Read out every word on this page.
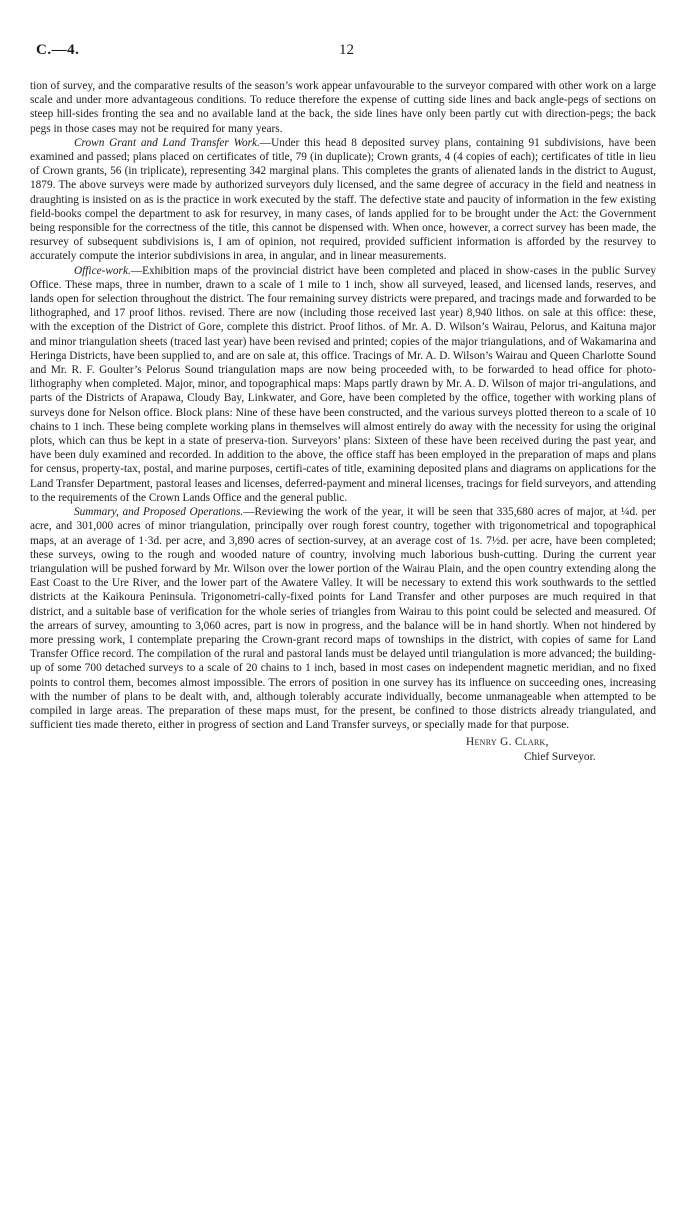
C.—4.	12

tion of survey, and the comparative results of the season’s work appear unfavourable to the surveyor compared with other work on a large scale and under more advantageous conditions. To reduce therefore the expense of cutting side lines and back angle-pegs of sections on steep hill-sides fronting the sea and no available land at the back, the side lines have only been partly cut with direction-pegs; the back pegs in those cases may not be required for many years.

Crown Grant and Land Transfer Work.—Under this head 8 deposited survey plans, containing 91 subdivisions, have been examined and passed; plans placed on certificates of title, 79 (in duplicate); Crown grants, 4 (4 copies of each); certificates of title in lieu of Crown grants, 56 (in triplicate), representing 342 marginal plans. This completes the grants of alienated lands in the district to August, 1879. The above surveys were made by authorized surveyors duly licensed, and the same degree of accuracy in the field and neatness in draughting is insisted on as is the practice in work executed by the staff. The defective state and paucity of information in the few existing field-books compel the department to ask for resurvey, in many cases, of lands applied for to be brought under the Act: the Government being responsible for the correctness of the title, this cannot be dispensed with. When once, however, a correct survey has been made, the resurvey of subsequent subdivisions is, I am of opinion, not required, provided sufficient information is afforded by the resurvey to accurately compute the interior subdivisions in area, in angular, and in linear measurements.

Office-work.—Exhibition maps of the provincial district have been completed and placed in show-cases in the public Survey Office. These maps, three in number, drawn to a scale of 1 mile to 1 inch, show all surveyed, leased, and licensed lands, reserves, and lands open for selection throughout the district. The four remaining survey districts were prepared, and tracings made and forwarded to be lithographed, and 17 proof lithos. revised. There are now (including those received last year) 8,940 lithos. on sale at this office: these, with the exception of the District of Gore, complete this district. Proof lithos. of Mr. A. D. Wilson’s Wairau, Pelorus, and Kaituna major and minor triangulation sheets (traced last year) have been revised and printed; copies of the major triangulations, and of Wakamarina and Heringa Districts, have been supplied to, and are on sale at, this office. Tracings of Mr. A. D. Wilson’s Wairau and Queen Charlotte Sound and Mr. R. F. Goulter’s Pelorus Sound triangulation maps are now being proceeded with, to be forwarded to head office for photo-lithography when completed. Major, minor, and topographical maps: Maps partly drawn by Mr. A. D. Wilson of major tri-angulations, and parts of the Districts of Arapawa, Cloudy Bay, Linkwater, and Gore, have been completed by the office, together with working plans of surveys done for Nelson office. Block plans: Nine of these have been constructed, and the various surveys plotted thereon to a scale of 10 chains to 1 inch. These being complete working plans in themselves will almost entirely do away with the necessity for using the original plots, which can thus be kept in a state of preserva-tion. Surveyors’ plans: Sixteen of these have been received during the past year, and have been duly examined and recorded. In addition to the above, the office staff has been employed in the preparation of maps and plans for census, property-tax, postal, and marine purposes, certifi-cates of title, examining deposited plans and diagrams on applications for the Land Transfer Department, pastoral leases and licenses, deferred-payment and mineral licenses, tracings for field surveyors, and attending to the requirements of the Crown Lands Office and the general public.

Summary, and Proposed Operations.—Reviewing the work of the year, it will be seen that 335,680 acres of major, at ¼d. per acre, and 301,000 acres of minor triangulation, principally over rough forest country, together with trigonometrical and topographical maps, at an average of 1·3d. per acre, and 3,890 acres of section-survey, at an average cost of 1s. 7½d. per acre, have been completed; these surveys, owing to the rough and wooded nature of country, involving much laborious bush-cutting. During the current year triangulation will be pushed forward by Mr. Wilson over the lower portion of the Wairau Plain, and the open country extending along the East Coast to the Ure River, and the lower part of the Awatere Valley. It will be necessary to extend this work southwards to the settled districts at the Kaikoura Peninsula. Trigonometri-cally-fixed points for Land Transfer and other purposes are much required in that district, and a suitable base of verification for the whole series of triangles from Wairau to this point could be selected and measured. Of the arrears of survey, amounting to 3,060 acres, part is now in progress, and the balance will be in hand shortly. When not hindered by more pressing work, I contemplate preparing the Crown-grant record maps of townships in the district, with copies of same for Land Transfer Office record. The compilation of the rural and pastoral lands must be delayed until triangulation is more advanced; the building-up of some 700 detached surveys to a scale of 20 chains to 1 inch, based in most cases on independent magnetic meridian, and no fixed points to control them, becomes almost impossible. The errors of position in one survey has its influence on succeeding ones, increasing with the number of plans to be dealt with, and, although tolerably accurate individually, become unmanageable when attempted to be compiled in large areas. The preparation of these maps must, for the present, be confined to those districts already triangulated, and sufficient ties made thereto, either in progress of section and Land Transfer surveys, or specially made for that purpose.

Henry G. Clark,
Chief Surveyor.
